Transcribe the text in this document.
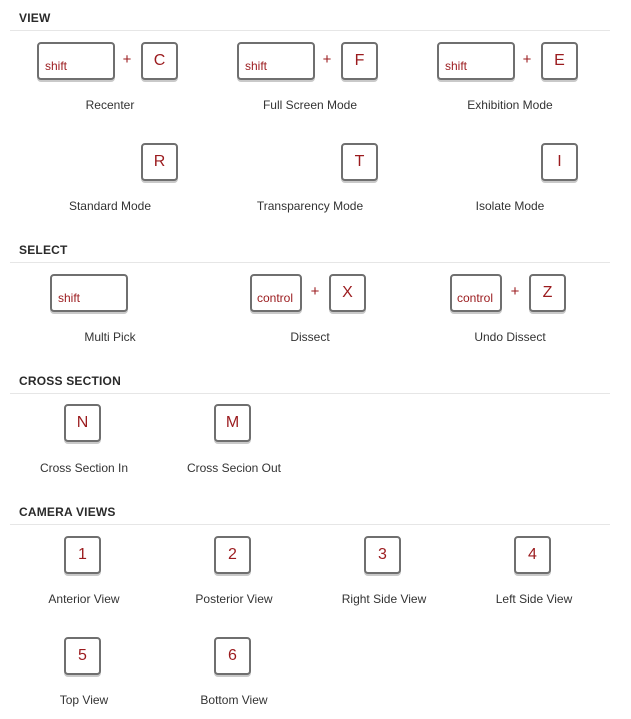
VIEW
shift	+	C
Recenter
shift	+	F
Full Screen Mode
shift	+	E
Exhibition Mode
R
Standard Mode
T
Transparency Mode
I
Isolate Mode
SELECT
shift
Multi Pick
control	+	X
Dissect
control	+	Z
Undo Dissect
CROSS SECTION
N
Cross Section In
M
Cross Secion Out
CAMERA VIEWS
1
Anterior View
2
Posterior View
3
Right Side View
4
Left Side View
5
Top View
6
Bottom View
